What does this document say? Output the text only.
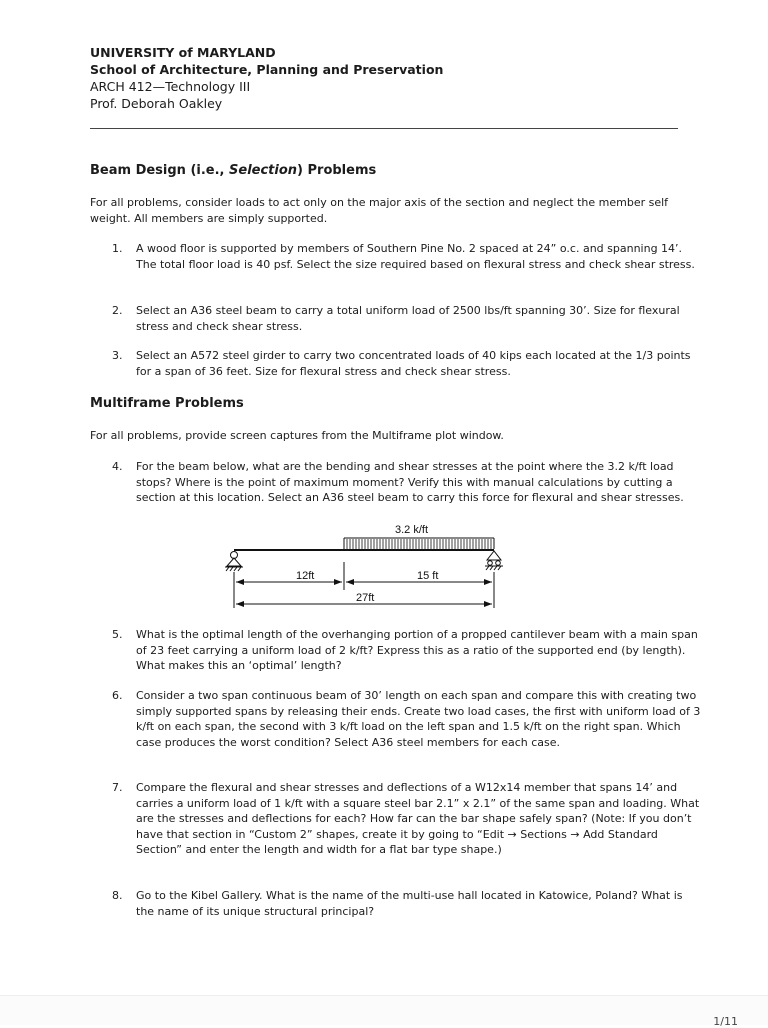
UNIVERSITY of MARYLAND
School of Architecture, Planning and Preservation
ARCH 412—Technology III
Prof. Deborah Oakley
Beam Design (i.e., Selection) Problems
For all problems, consider loads to act only on the major axis of the section and neglect the member self weight. All members are simply supported.
1.	A wood floor is supported by members of Southern Pine No. 2 spaced at 24” o.c. and spanning 14’. The total floor load is 40 psf. Select the size required based on flexural stress and check shear stress.
2.	Select an A36 steel beam to carry a total uniform load of 2500 lbs/ft spanning 30’. Size for flexural stress and check shear stress.
3.	Select an A572 steel girder to carry two concentrated loads of 40 kips each located at the 1/3 points for a span of 36 feet. Size for flexural stress and check shear stress.
Multiframe Problems
For all problems, provide screen captures from the Multiframe plot window.
4.	For the beam below, what are the bending and shear stresses at the point where the 3.2 k/ft load stops? Where is the point of maximum moment? Verify this with manual calculations by cutting a section at this location. Select an A36 steel beam to carry this force for flexural and shear stresses.
3.2 k/ft
12ft	15 ft
27ft
5.	What is the optimal length of the overhanging portion of a propped cantilever beam with a main span of 23 feet carrying a uniform load of 2 k/ft? Express this as a ratio of the supported end (by length). What makes this an ‘optimal’ length?
6.	Consider a two span continuous beam of 30’ length on each span and compare this with creating two simply supported spans by releasing their ends. Create two load cases, the first with uniform load of 3 k/ft on each span, the second with 3 k/ft load on the left span and 1.5 k/ft on the right span. Which case produces the worst condition? Select A36 steel members for each case.
7.	Compare the flexural and shear stresses and deflections of a W12x14 member that spans 14’ and carries a uniform load of 1 k/ft with a square steel bar 2.1” x 2.1” of the same span and loading. What are the stresses and deflections for each? How far can the bar shape safely span? (Note: If you don’t have that section in “Custom 2” shapes, create it by going to “Edit → Sections → Add Standard Section” and enter the length and width for a flat bar type shape.)
8.	Go to the Kibel Gallery. What is the name of the multi-use hall located in Katowice, Poland? What is the name of its unique structural principal?
1/11
